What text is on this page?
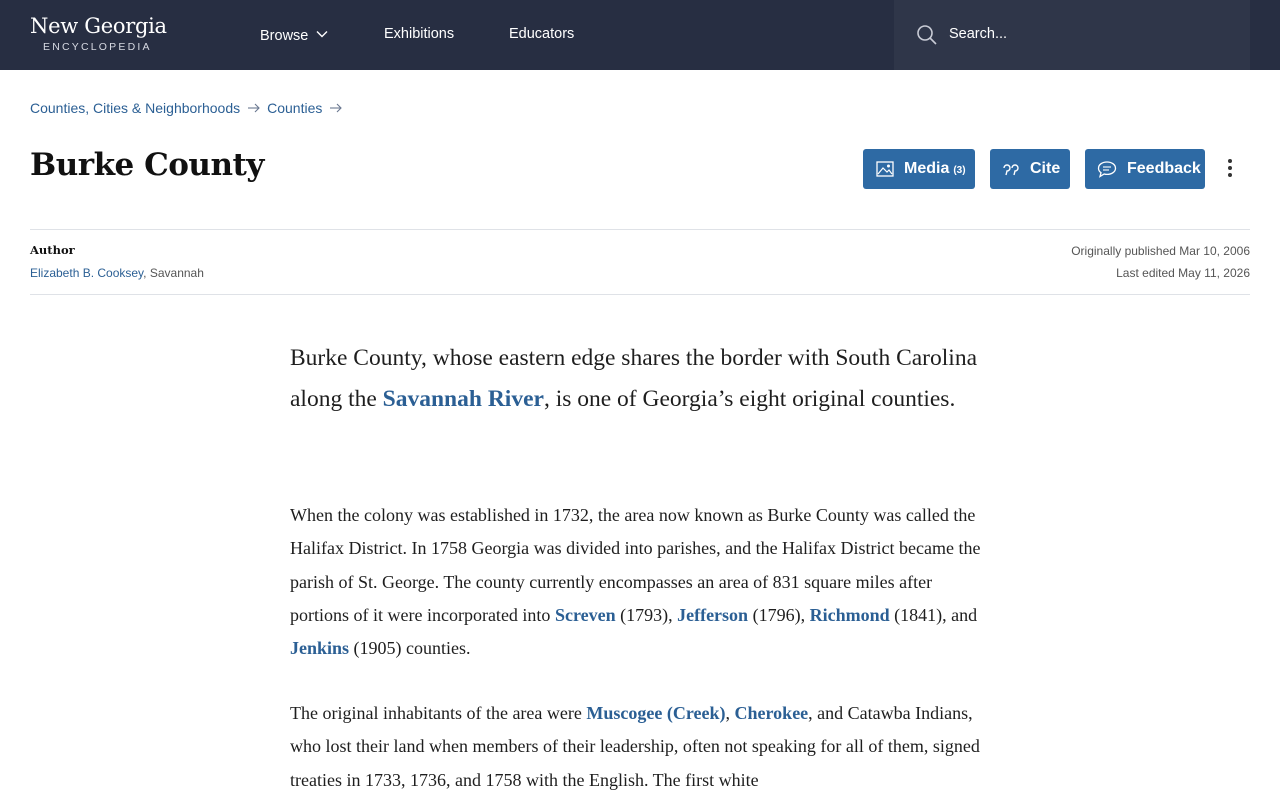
New Georgia
ENCYCLOPEDIA
Browse	Exhibitions	Educators	Search...
Counties, Cities & Neighborhoods Counties
Burke County	Media (3)	Cite	Feedback
Author
Elizabeth B. Cooksey, Savannah
Originally published Mar 10, 2006
Last edited May 11, 2026

Burke County, whose eastern edge shares the border with South Carolina along the Savannah River, is one of Georgia’s eight original counties.

When the colony was established in 1732, the area now known as Burke County was called the Halifax District. In 1758 Georgia was divided into parishes, and the Halifax District became the parish of St. George. The county currently encompasses an area of 831 square miles after portions of it were incorporated into Screven (1793), Jefferson (1796), Richmond (1841), and Jenkins (1905) counties.

The original inhabitants of the area were Muscogee (Creek), Cherokee, and Catawba Indians, who lost their land when members of their leadership, often not speaking for all of them, signed treaties in 1733, 1736, and 1758 with the English. The first white
